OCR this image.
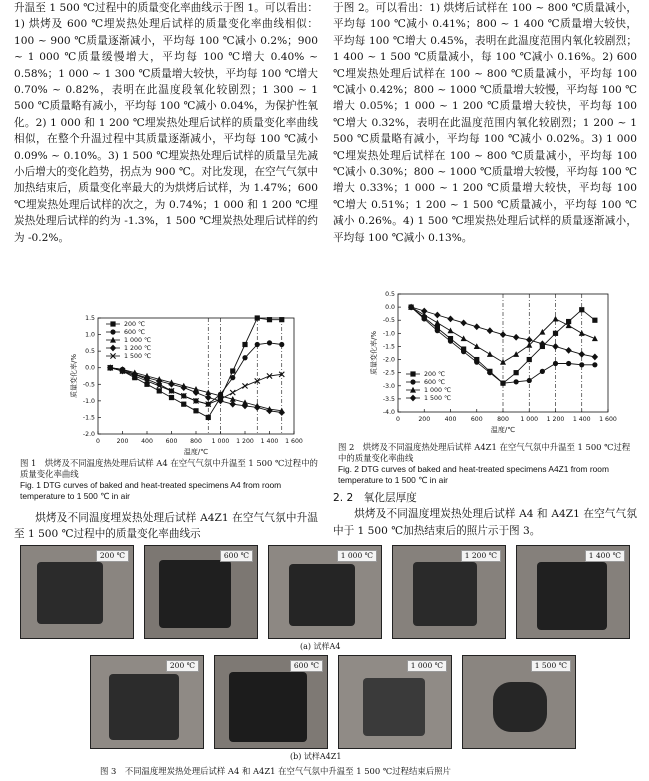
升温至 1 500 ℃过程中的质量变化率曲线示于图 1。可以看出：1) 烘烤及 600 ℃埋炭热处理后试样的质量变化率曲线相似：100 ~ 900 ℃质量逐渐减小，平均每 100 ℃减小 0.2%；900 ~ 1 000 ℃质量缓慢增大，平均每 100 ℃增大 0.40% ~ 0.58%；1 000 ~ 1 300 ℃质量增大较快，平均每 100 ℃增大 0.70% ~ 0.82%，表明在此温度段氧化较剧烈；1 300 ~ 1 500 ℃质量略有减小，平均每 100 ℃减小 0.04%，为保护性氧化。2) 1 000 和 1 200 ℃埋炭热处理后试样的质量变化率曲线相似，在整个升温过程中其质量逐渐减小，平均每 100 ℃减小 0.09% ~ 0.10%。3) 1 500 ℃埋炭热处理后试样的质量呈先减小后增大的变化趋势，拐点为 900 ℃。对比发现，在空气气氛中加热结束后，质量变化率最大的为烘烤后试样，为 1.47%；600 ℃埋炭热处理后试样的次之，为 0.74%；1 000 和 1 200 ℃埋炭热处理后试样的约为 -1.3%，1 500 ℃埋炭热处理后试样的约为 -0.2%。

于图 2。可以看出：1) 烘烤后试样在 100 ~ 800 ℃质量减小，平均每 100 ℃减小 0.41%；800 ~ 1 400 ℃质量增大较快，平均每 100 ℃增大 0.45%，表明在此温度范围内氧化较剧烈；1 400 ~ 1 500 ℃质量减小，每 100 ℃减小 0.16%。2) 600 ℃埋炭热处理后试样在 100 ~ 800 ℃质量减小，平均每 100 ℃减小 0.42%；800 ~ 1000 ℃质量增大较慢，平均每 100 ℃增大 0.05%；1 000 ~ 1 200 ℃质量增大较快，平均每 100 ℃增大 0.32%，表明在此温度范围内氧化较剧烈；1 200 ~ 1 500 ℃质量略有减小，平均每 100 ℃减小 0.02%。3) 1 000 ℃埋炭热处理后试样在 100 ~ 800 ℃质量减小，平均每 100 ℃减小 0.30%；800 ~ 1000 ℃质量增大较慢，平均每 100 ℃增大 0.33%；1 000 ~ 1 200 ℃质量增大较快，平均每 100 ℃增大 0.51%；1 200 ~ 1 500 ℃质量减小，平均每 100 ℃减小 0.26%。4) 1 500 ℃埋炭热处理后试样的质量逐渐减小，平均每 100 ℃减小 0.13%。

0	200 400 600 800 1 000 1 200 1 400 1 600
1.5
1.0
0.5
0.0
-0.5
-1.0
-1.5
-2.0
温度/℃
质量变化率/%
200 ℃
600 ℃
1 000 ℃
1 200 ℃
1 500 ℃
图 1　烘烤及不同温度热处理后试样 A4 在空气气氛中升温至 1 500 ℃过程中的质量变化率曲线
Fig. 1 DTG curves of baked and heat-treated specimens A4 from room temperature to 1 500 ℃ in air

烘烤及不同温度埋炭热处理后试样 A4Z1 在空气气氛中升温至 1 500 ℃过程中的质量变化率曲线示

0	200 400 600 800 1 000 1 200 1 400 1 600
0.5
0.0
-0.5
-1.0
-1.5
-2.0
-2.5
-3.0
-3.5
-4.0
温度/℃
质量变化率/%	200 ℃
600 ℃
1 000 ℃
1 500 ℃
图 2　烘烤及不同温度热处理后试样 A4Z1 在空气气氛中升温至 1 500 ℃过程中的质量变化率曲线
Fig. 2 DTG curves of baked and heat-treated specimens A4Z1 from room temperature to 1 500 ℃ in air
2. 2　氧化层厚度

烘烤及不同温度埋炭热处理后试样 A4 和 A4Z1 在空气气氛中于 1 500 ℃加热结束后的照片示于图 3。

200 ℃	600 ℃	1 000 ℃	1 200 ℃	1 400 ℃
(a) 试样A4
200 ℃	600 ℃	1 000 ℃	1 500 ℃
(b) 试样A4Z1
图 3　不同温度埋炭热处理后试样 A4 和 A4Z1 在空气气氛中升温至 1 500 ℃过程结束后照片
